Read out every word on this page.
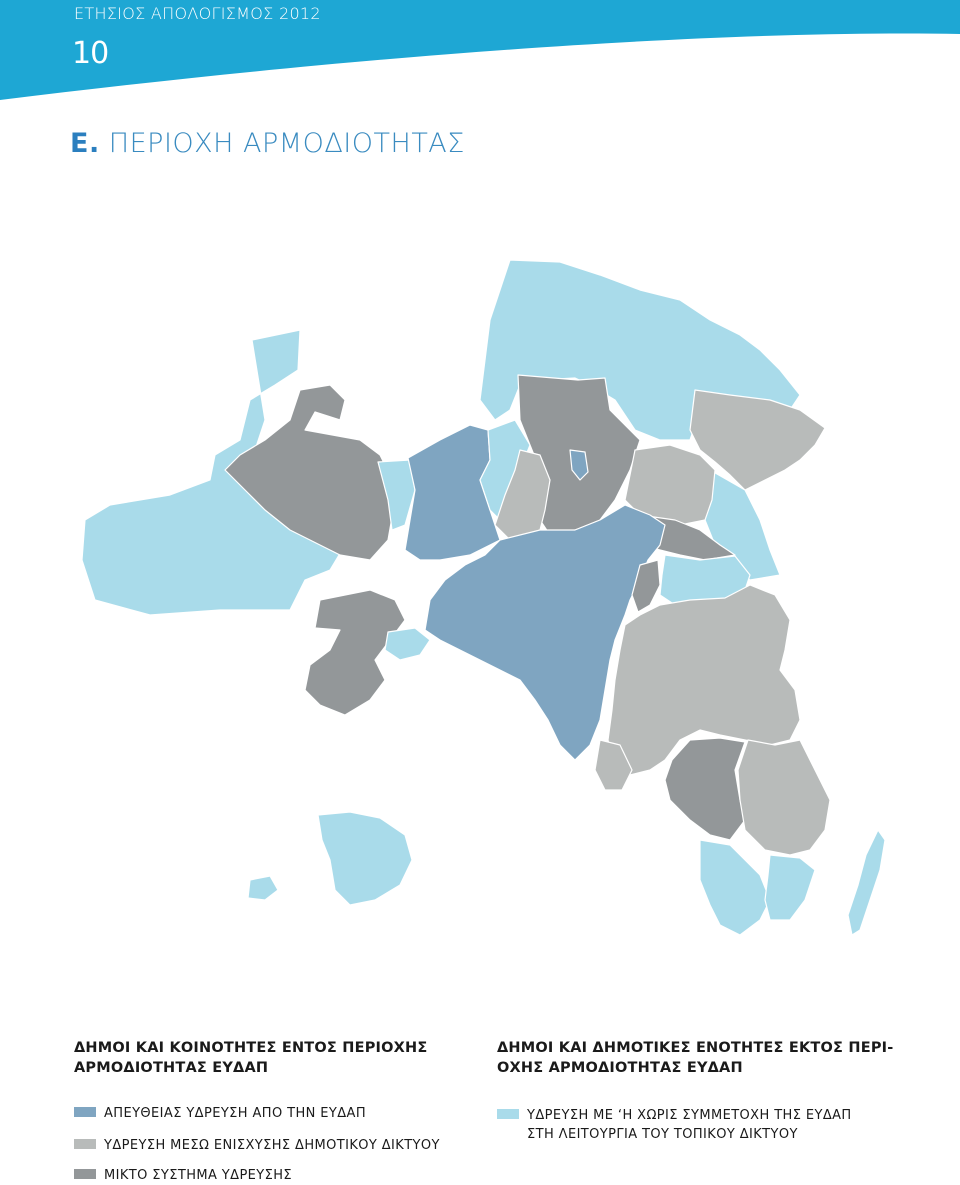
ΕΤΗΣΙΟΣ ΑΠΟΛΟΓΙΣΜΟΣ 2012
10
Ε. ΠΕΡΙΟΧΗ ΑΡΜΟΔΙΟΤΗΤΑΣ
ΔΗΜΟΙ ΚΑΙ ΚΟΙΝΟΤΗΤΕΣ ΕΝΤΟΣ ΠΕΡΙΟΧΗΣ ΑΡΜΟΔΙΟΤΗΤΑΣ ΕΥΔΑΠ
ΔΗΜΟΙ ΚΑΙ ΔΗΜΟΤΙΚΕΣ ΕΝΟΤΗΤΕΣ ΕΚΤΟΣ ΠΕΡΙ-ΟΧΗΣ ΑΡΜΟΔΙΟΤΗΤΑΣ ΕΥΔΑΠ
ΑΠΕΥΘΕΙΑΣ ΥΔΡΕΥΣΗ ΑΠΟ ΤΗΝ ΕΥΔΑΠ
ΥΔΡΕΥΣΗ ΜΕΣΩ ΕΝΙΣΧΥΣΗΣ ΔΗΜΟΤΙΚΟΥ ΔΙΚΤΥΟΥ
ΜΙΚΤΟ ΣΥΣΤΗΜΑ ΥΔΡΕΥΣΗΣ
ΥΔΡΕΥΣΗ ΜΕ ‘Η ΧΩΡΙΣ ΣΥΜΜΕΤΟΧΗ ΤΗΣ ΕΥΔΑΠ ΣΤΗ ΛΕΙΤΟΥΡΓΙΑ ΤΟΥ ΤΟΠΙΚΟΥ ΔΙΚΤΥΟΥ
